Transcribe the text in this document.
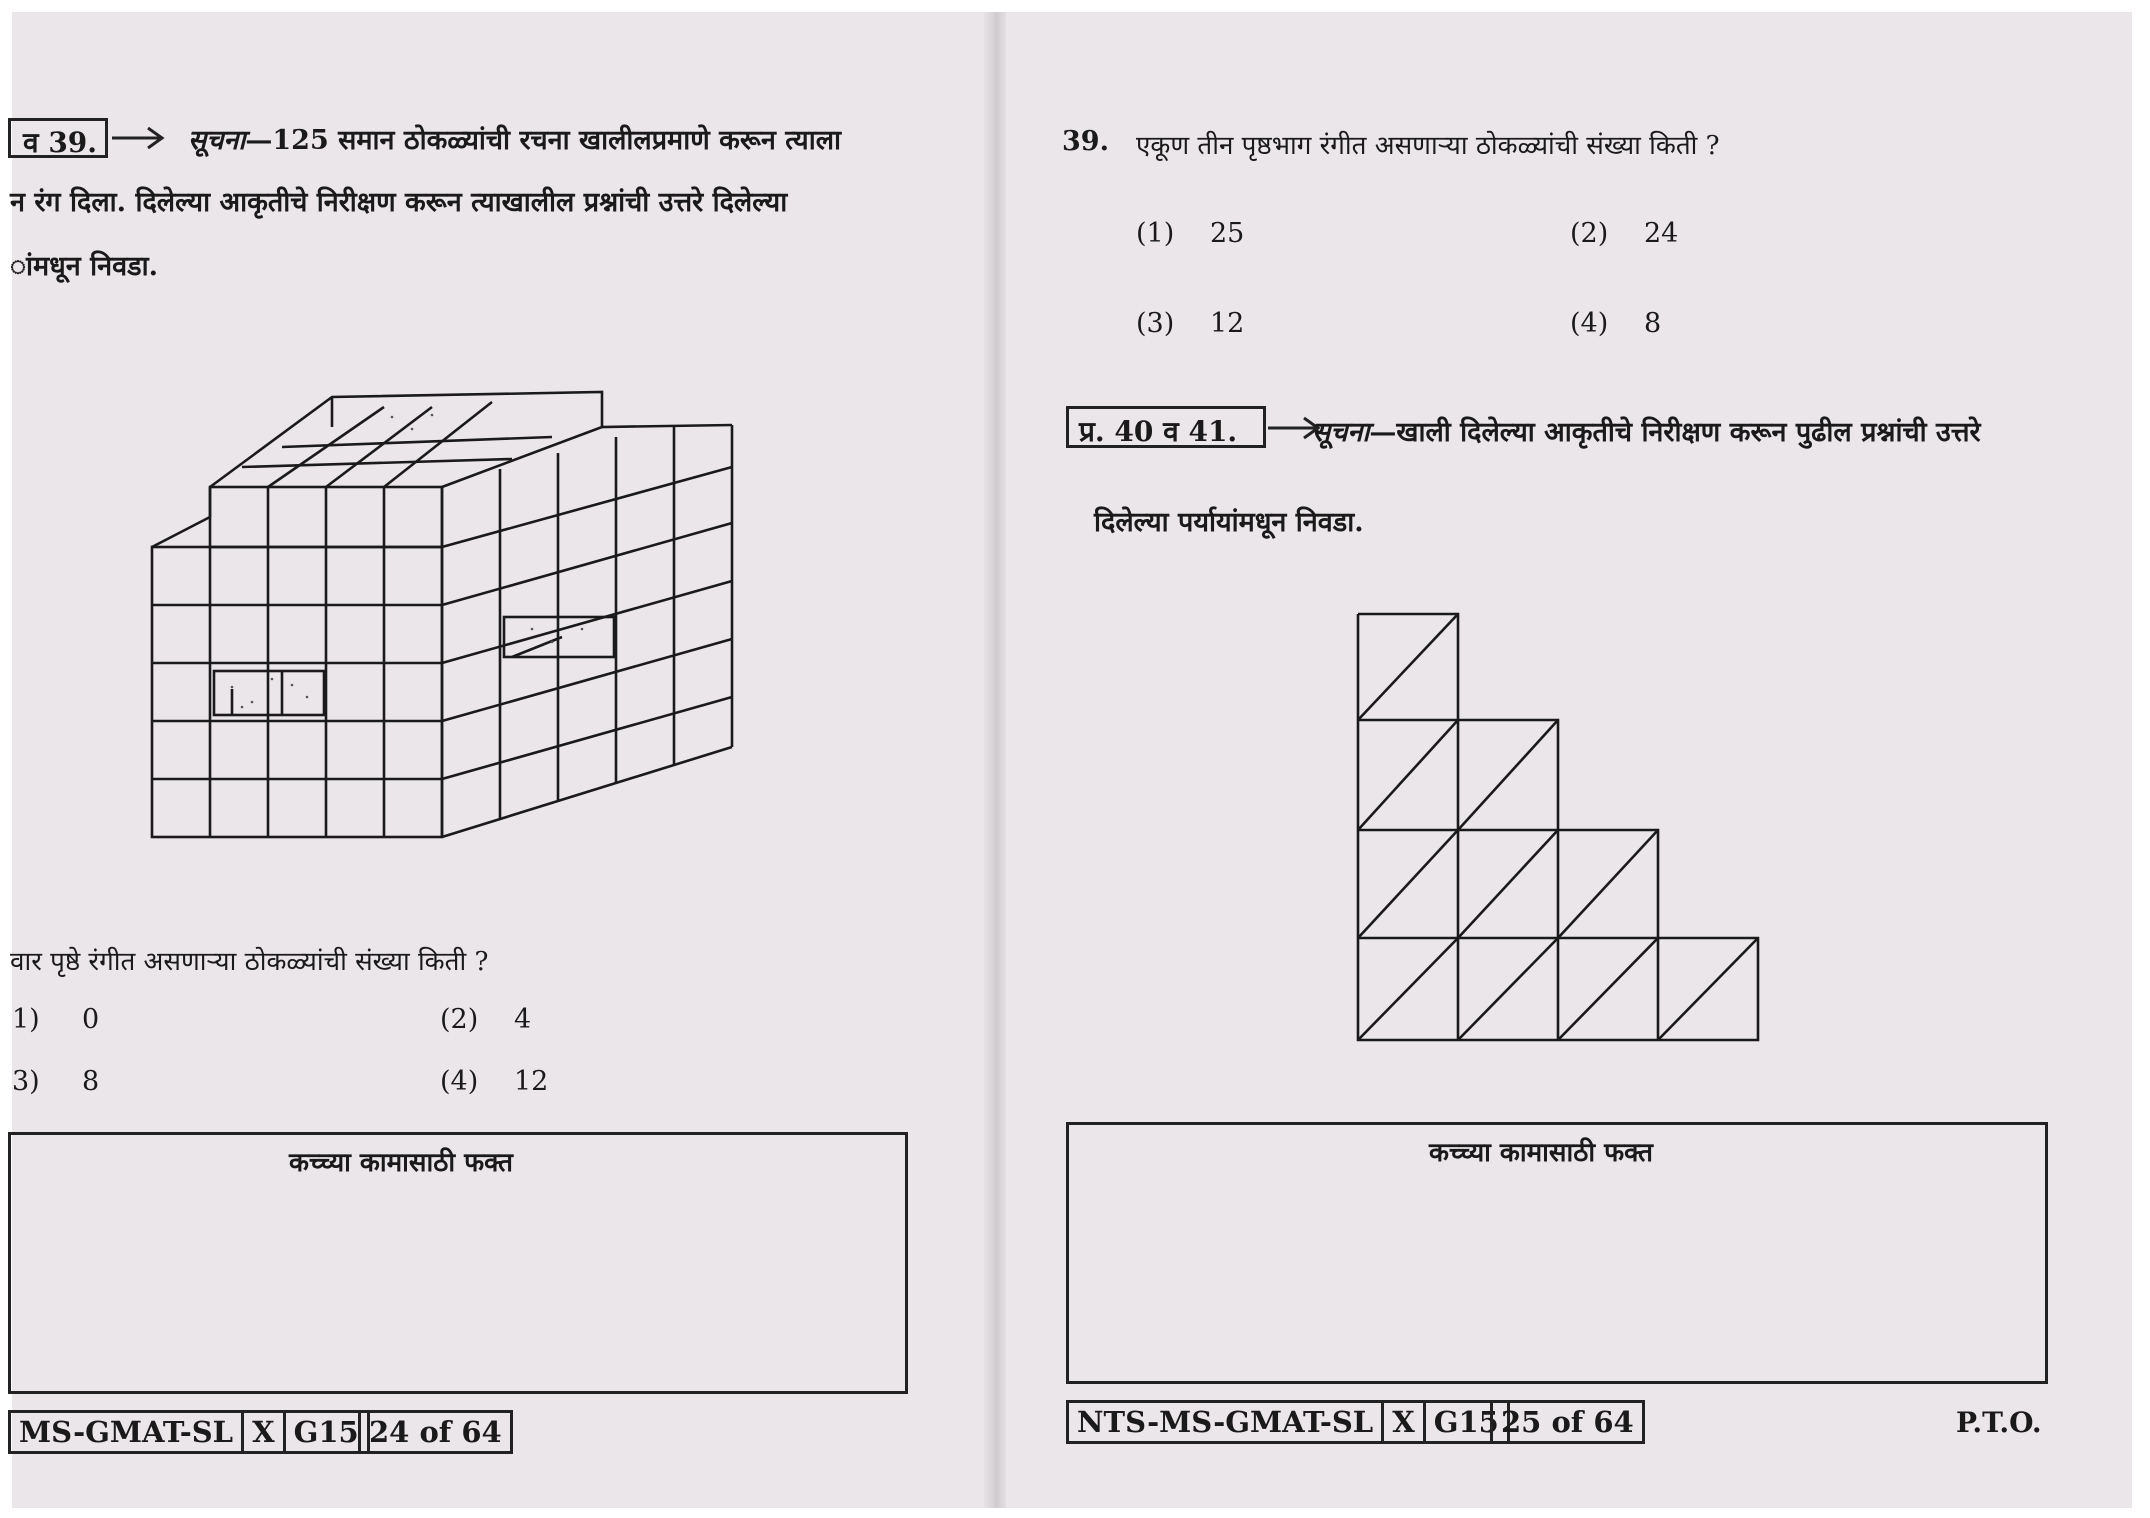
व 39.	सूचना—125 समान ठोकळ्यांची रचना खालीलप्रमाणे करून त्याला
न रंग दिला. दिलेल्या आकृतीचे निरीक्षण करून त्याखालील प्रश्नांची उत्तरे दिलेल्या
ांमधून निवडा.
वार पृष्ठे रंगीत असणाऱ्या ठोकळ्यांची संख्या किती ?
1) 0	(2) 4
3) 8	(4) 12
कच्च्या कामासाठी फक्त
MS-GMAT-SL X G15 24 of 64
39. एकूण तीन पृष्ठभाग रंगीत असणाऱ्या ठोकळ्यांची संख्या किती ?
(1) 25	(2) 24
(3) 12	(4) 8
प्र. 40 व 41.	सूचना—खाली दिलेल्या आकृतीचे निरीक्षण करून पुढील प्रश्नांची उत्तरे
दिलेल्या पर्यायांमधून निवडा.
कच्च्या कामासाठी फक्त
NTS-MS-GMAT-SL X G15 25 of 64	P.T.O.
